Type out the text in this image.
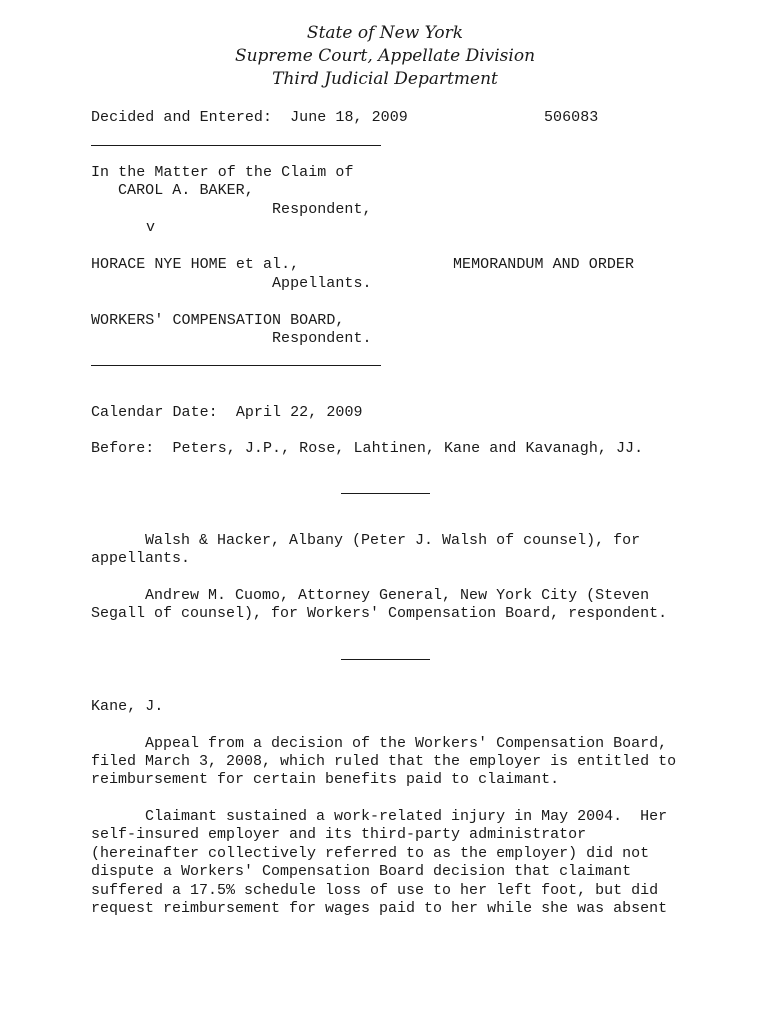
State of New York
Supreme Court, Appellate Division
Third Judicial Department
Decided and Entered:  June 18, 2009	506083
In the Matter of the Claim of
CAROL A. BAKER,
Respondent,
v
HORACE NYE HOME et al.,	MEMORANDUM AND ORDER
Appellants.
WORKERS' COMPENSATION BOARD,
Respondent.
Calendar Date:  April 22, 2009
Before:  Peters, J.P., Rose, Lahtinen, Kane and Kavanagh, JJ.
Walsh & Hacker, Albany (Peter J. Walsh of counsel), for
appellants.
Andrew M. Cuomo, Attorney General, New York City (Steven
Segall of counsel), for Workers' Compensation Board, respondent.
Kane, J.
Appeal from a decision of the Workers' Compensation Board,
filed March 3, 2008, which ruled that the employer is entitled to
reimbursement for certain benefits paid to claimant.
Claimant sustained a work-related injury in May 2004.  Her
self-insured employer and its third-party administrator
(hereinafter collectively referred to as the employer) did not
dispute a Workers' Compensation Board decision that claimant
suffered a 17.5% schedule loss of use to her left foot, but did
request reimbursement for wages paid to her while she was absent
